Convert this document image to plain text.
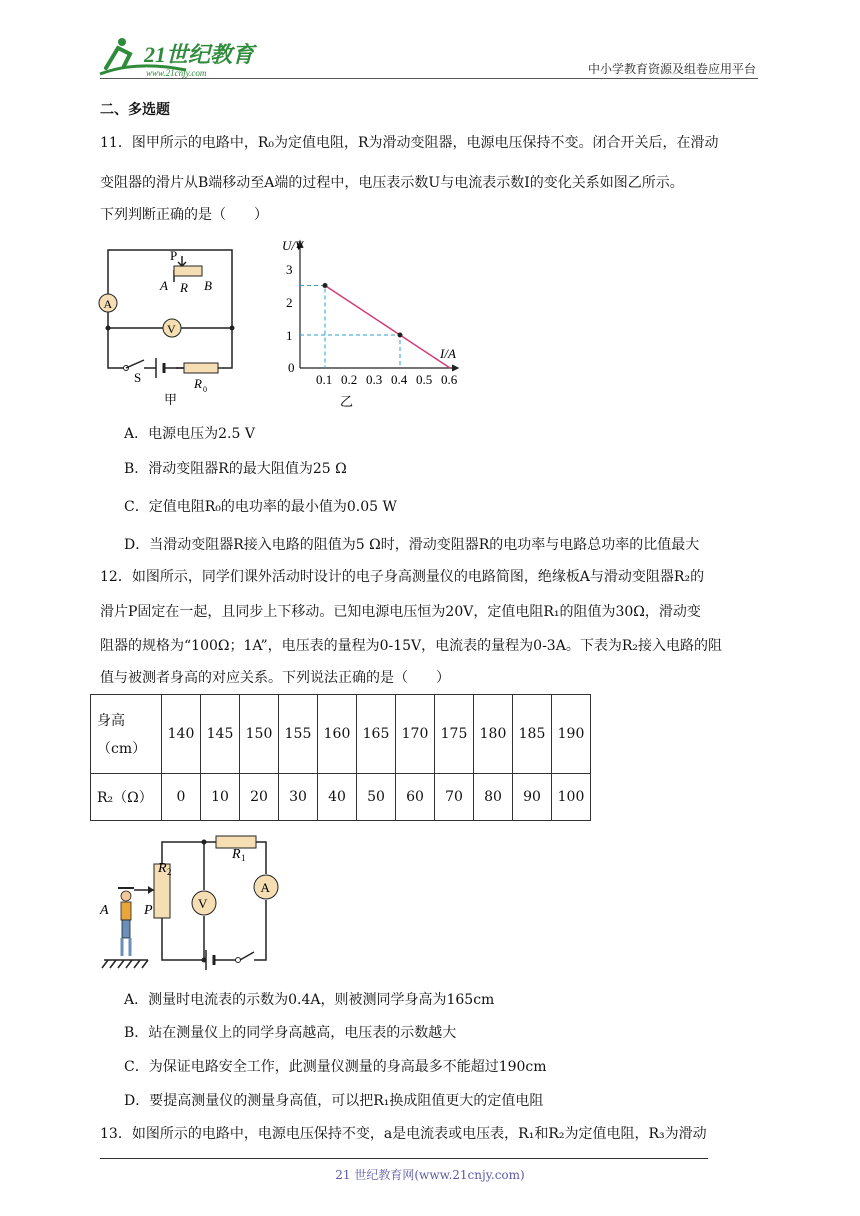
21世纪教育
www.21cnjy.com	中小学教育资源及组卷应用平台
二、多选题
11．图甲所示的电路中，R₀为定值电阻，R为滑动变阻器，电源电压保持不变。闭合开关后，在滑动
变阻器的滑片从B端移动至A端的过程中，电压表示数U与电流表示数I的变化关系如图乙所示。
下列判断正确的是（　　）
P
A R B
A
V
S	R 0
甲
1
2
3
0.1 0.2 0.3 0.4 0.5 0.6
U/V
I/A
0
乙
A．电源电压为2.5 V
B．滑动变阻器R的最大阻值为25 Ω
C．定值电阻R₀的电功率的最小值为0.05 W
D．当滑动变阻器R接入电路的阻值为5 Ω时，滑动变阻器R的电功率与电路总功率的比值最大
12．如图所示，同学们课外活动时设计的电子身高测量仪的电路简图，绝缘板A与滑动变阻器R₂的
滑片P固定在一起，且同步上下移动。已知电源电压恒为20V，定值电阻R₁的阻值为30Ω，滑动变
阻器的规格为“100Ω；1A”，电压表的量程为0-15V，电流表的量程为0-3A。下表为R₂接入电路的阻
值与被测者身高的对应关系。下列说法正确的是（　　）
身高
（cm）	140	145	150	155	160	165	170	175	180	185	190
R₂（Ω）	0	10	20	30	40	50	60	70	80	90	100
V
A
R 2
R 1
A	P
A．测量时电流表的示数为0.4A，则被测同学身高为165cm
B．站在测量仪上的同学身高越高，电压表的示数越大
C．为保证电路安全工作，此测量仪测量的身高最多不能超过190cm
D．要提高测量仪的测量身高值，可以把R₁换成阻值更大的定值电阻
13．如图所示的电路中，电源电压保持不变，a是电流表或电压表，R₁和R₂为定值电阻，R₃为滑动
21 世纪教育网(www.21cnjy.com)
